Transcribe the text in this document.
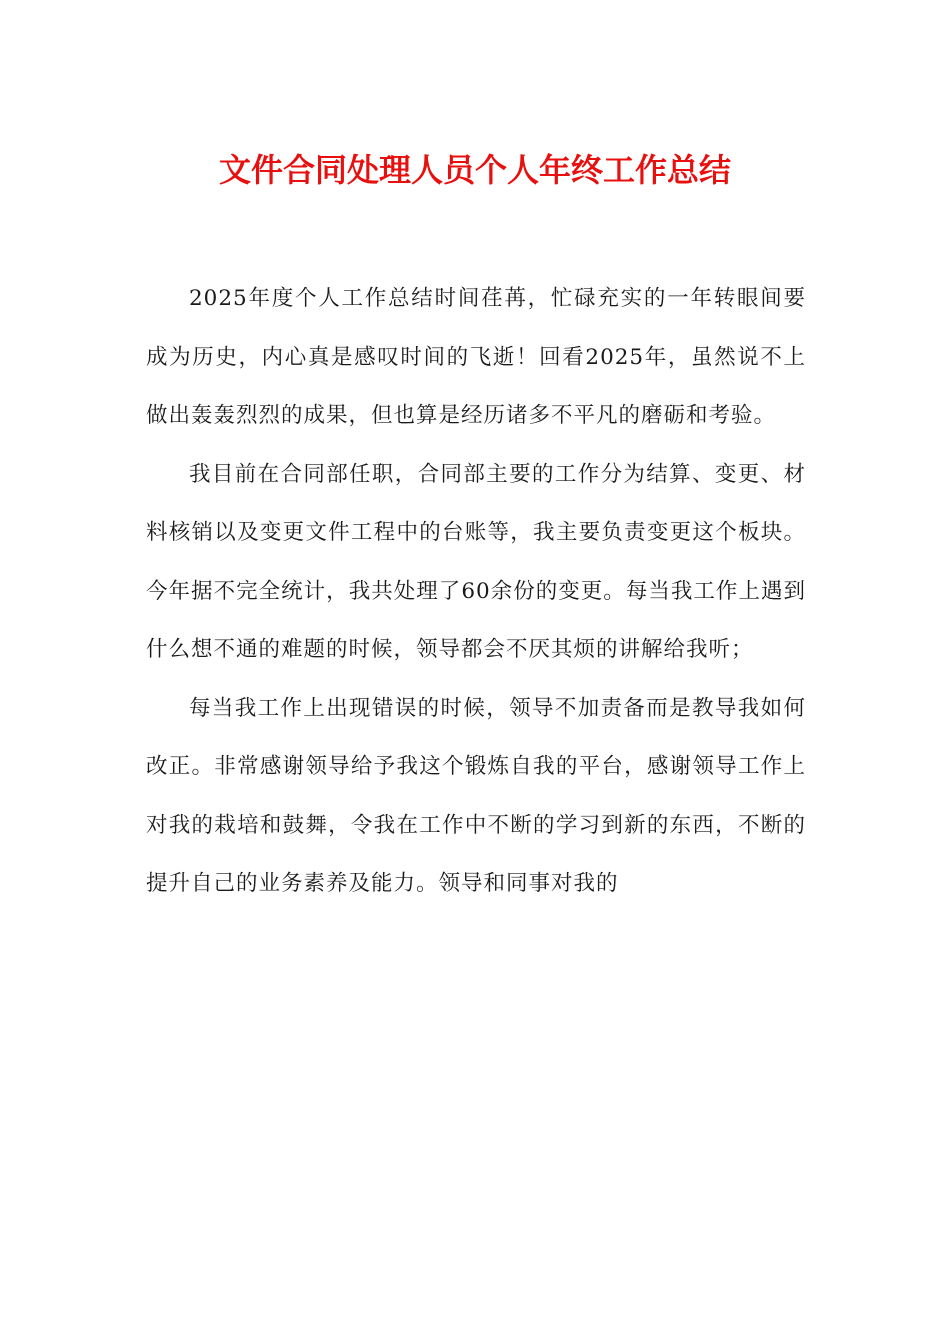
文件合同处理人员个人年终工作总结

2025年度个人工作总结时间荏苒，忙碌充实的一年转眼间要成为历史，内心真是感叹时间的飞逝！回看2025年，虽然说不上做出轰轰烈烈的成果，但也算是经历诸多不平凡的磨砺和考验。

我目前在合同部任职，合同部主要的工作分为结算、变更、材料核销以及变更文件工程中的台账等，我主要负责变更这个板块。今年据不完全统计，我共处理了60余份的变更。每当我工作上遇到什么想不通的难题的时候，领导都会不厌其烦的讲解给我听；

每当我工作上出现错误的时候，领导不加责备而是教导我如何改正。非常感谢领导给予我这个锻炼自我的平台，感谢领导工作上对我的栽培和鼓舞，令我在工作中不断的学习到新的东西，不断的提升自己的业务素养及能力。领导和同事对我的
